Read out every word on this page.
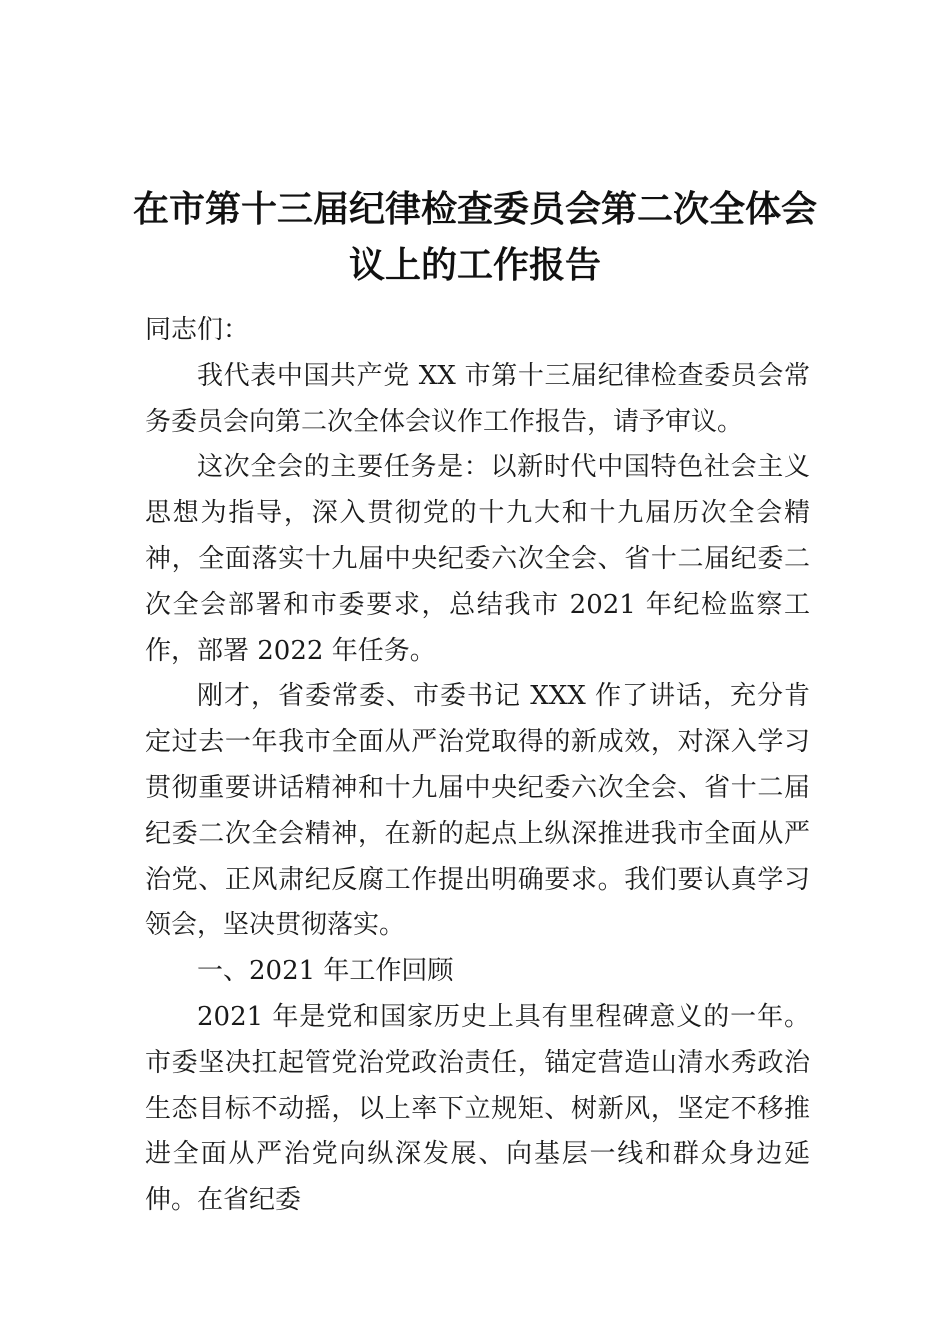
在市第十三届纪律检查委员会第二次全体会议上的工作报告

同志们：

我代表中国共产党 XX 市第十三届纪律检查委员会常务委员会向第二次全体会议作工作报告，请予审议。

这次全会的主要任务是：以新时代中国特色社会主义思想为指导，深入贯彻党的十九大和十九届历次全会精神，全面落实十九届中央纪委六次全会、省十二届纪委二次全会部署和市委要求，总结我市 2021 年纪检监察工作，部署 2022 年任务。

刚才，省委常委、市委书记 XXX 作了讲话，充分肯定过去一年我市全面从严治党取得的新成效，对深入学习贯彻重要讲话精神和十九届中央纪委六次全会、省十二届纪委二次全会精神，在新的起点上纵深推进我市全面从严治党、正风肃纪反腐工作提出明确要求。我们要认真学习领会，坚决贯彻落实。

一、2021 年工作回顾

2021 年是党和国家历史上具有里程碑意义的一年。市委坚决扛起管党治党政治责任，锚定营造山清水秀政治生态目标不动摇，以上率下立规矩、树新风，坚定不移推进全面从严治党向纵深发展、向基层一线和群众身边延伸。在省纪委
